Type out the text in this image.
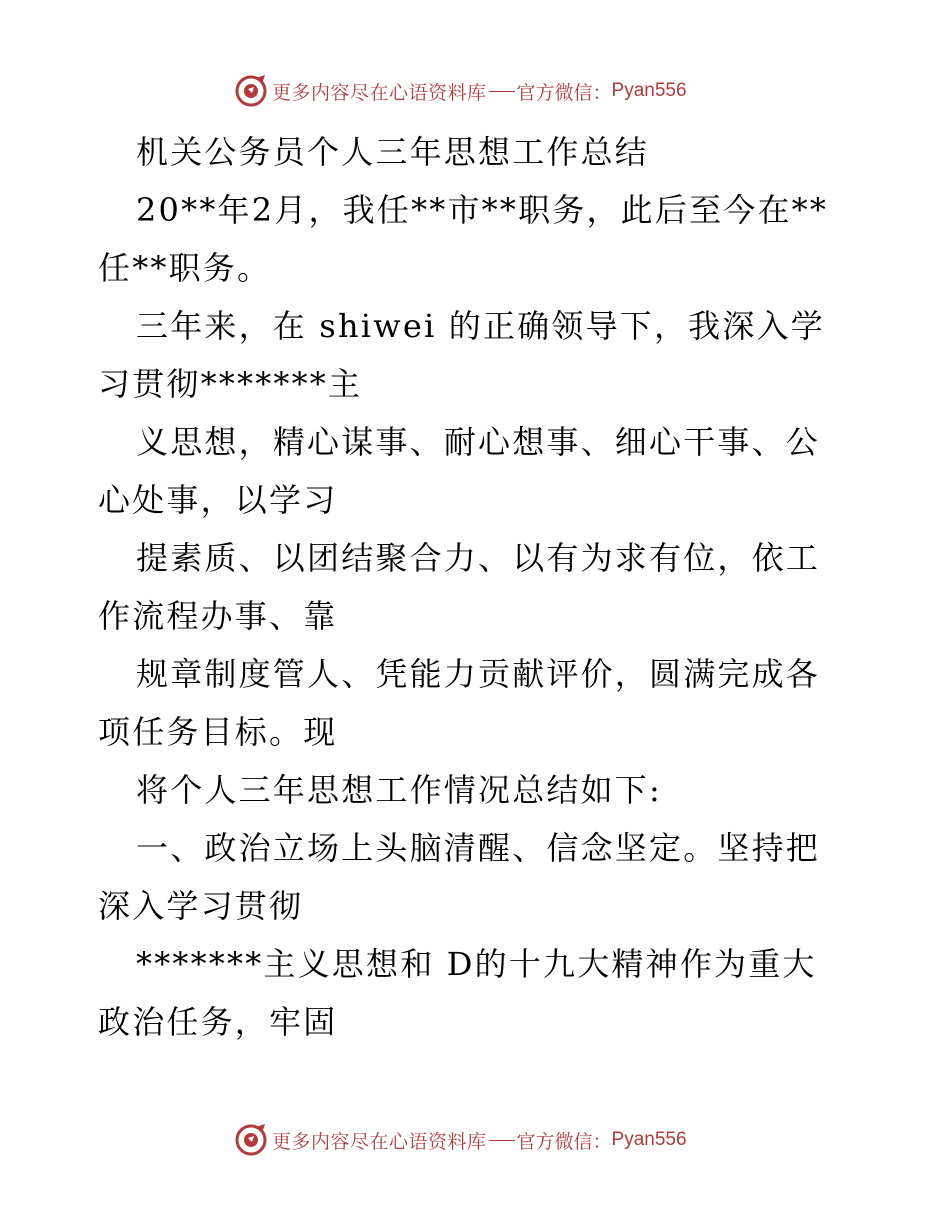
更多内容尽在心语资料库 官方微信： Pyan556

机关公务员个人三年思想工作总结

20**年2月，我任**市**职务，此后至今在**任**职务。

三年来，在 shiwei 的正确领导下，我深入学习贯彻*******主

义思想，精心谋事、耐心想事、细心干事、公心处事，以学习

提素质、以团结聚合力、以有为求有位，依工作流程办事、靠

规章制度管人、凭能力贡献评价，圆满完成各项任务目标。现

将个人三年思想工作情况总结如下:

一、政治立场上头脑清醒、信念坚定。坚持把深入学习贯彻

*******主义思想和 D的十九大精神作为重大政治任务，牢固

更多内容尽在心语资料库 官方微信： Pyan556
